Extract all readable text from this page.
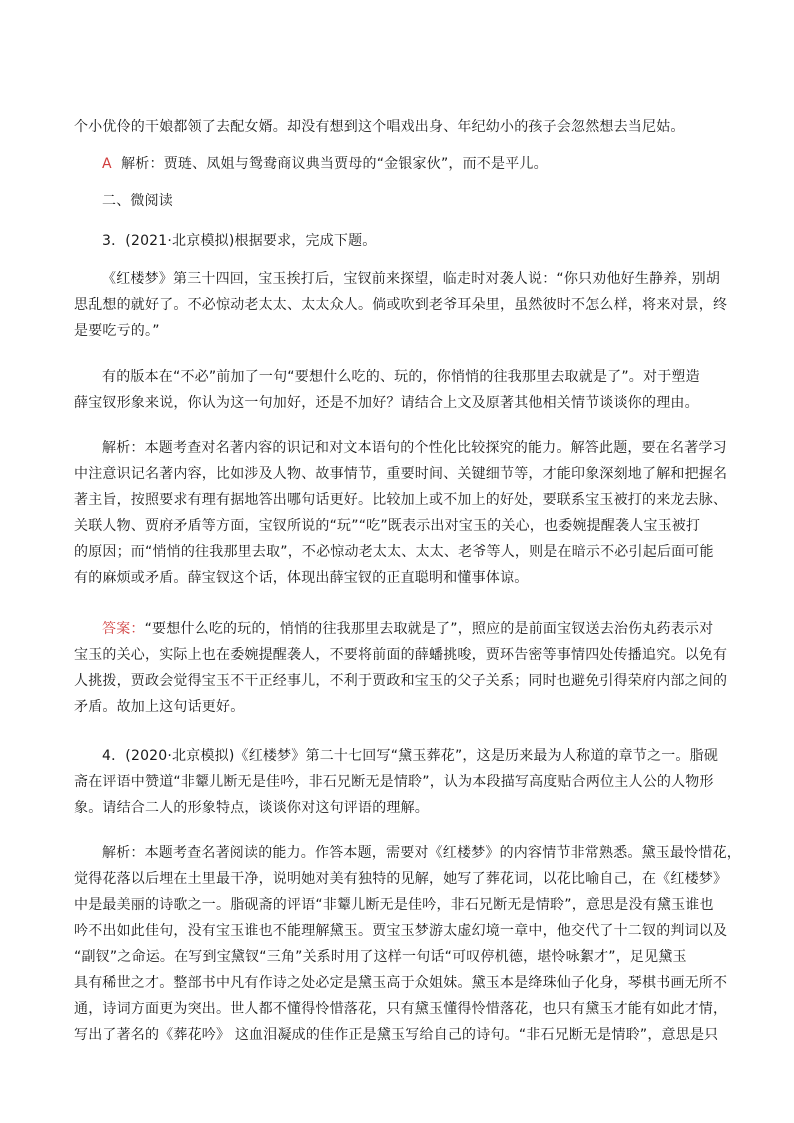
个小优伶的干娘都领了去配女婿。却没有想到这个唱戏出身、年纪幼小的孩子会忽然想去当尼姑。

A 解析：贾琏、凤姐与鸳鸯商议典当贾母的“金银家伙”，而不是平儿。

二、微阅读

3．(2021·北京模拟)根据要求，完成下题。

《红楼梦》第三十四回，宝玉挨打后，宝钗前来探望，临走时对袭人说：“你只劝他好生静养，别胡
思乱想的就好了。不必惊动老太太、太太众人。倘或吹到老爷耳朵里，虽然彼时不怎么样，将来对景，终
是要吃亏的。”
有的版本在“不必”前加了一句“要想什么吃的、玩的，你悄悄的往我那里去取就是了”。对于塑造
薛宝钗形象来说，你认为这一句加好，还是不加好？请结合上文及原著其他相关情节谈谈你的理由。
解析：本题考查对名著内容的识记和对文本语句的个性化比较探究的能力。解答此题，要在名著学习
中注意识记名著内容，比如涉及人物、故事情节，重要时间、关键细节等，才能印象深刻地了解和把握名
著主旨，按照要求有理有据地答出哪句话更好。比较加上或不加上的好处，要联系宝玉被打的来龙去脉、
关联人物、贾府矛盾等方面，宝钗所说的“玩”“吃”既表示出对宝玉的关心，也委婉提醒袭人宝玉被打
的原因；而“悄悄的往我那里去取”，不必惊动老太太、太太、老爷等人，则是在暗示不必引起后面可能
有的麻烦或矛盾。薛宝钗这个话，体现出薛宝钗的正直聪明和懂事体谅。
答案：“要想什么吃的玩的，悄悄的往我那里去取就是了”，照应的是前面宝钗送去治伤丸药表示对
宝玉的关心，实际上也在委婉提醒袭人，不要将前面的薛蟠挑唆，贾环告密等事情四处传播追究。以免有
人挑拨，贾政会觉得宝玉不干正经事儿，不利于贾政和宝玉的父子关系；同时也避免引得荣府内部之间的
矛盾。故加上这句话更好。
4．(2020·北京模拟)《红楼梦》第二十七回写“黛玉葬花”，这是历来最为人称道的章节之一。脂砚
斋在评语中赞道“非颦儿断无是佳吟，非石兄断无是情聆”，认为本段描写高度贴合两位主人公的人物形
象。请结合二人的形象特点，谈谈你对这句评语的理解。
解析：本题考查名著阅读的能力。作答本题，需要对《红楼梦》的内容情节非常熟悉。黛玉最怜惜花，
觉得花落以后埋在土里最干净，说明她对美有独特的见解，她写了葬花词，以花比喻自己，在《红楼梦》
中是最美丽的诗歌之一。脂砚斋的评语“非颦儿断无是佳吟，非石兄断无是情聆”，意思是没有黛玉谁也
吟不出如此佳句，没有宝玉谁也不能理解黛玉。贾宝玉梦游太虚幻境一章中，他交代了十二钗的判词以及
“副钗”之命运。在写到宝黛钗“三角”关系时用了这样一句话“可叹停机德，堪怜咏絮才”，足见黛玉
具有稀世之才。整部书中凡有作诗之处必定是黛玉高于众姐妹。黛玉本是绛珠仙子化身，琴棋书画无所不
通，诗词方面更为突出。世人都不懂得怜惜落花，只有黛玉懂得怜惜落花，也只有黛玉才能有如此才情，
写出了著名的《葬花吟》 这血泪凝成的佳作正是黛玉写给自己的诗句。“非石兄断无是情聆”，意思是只
